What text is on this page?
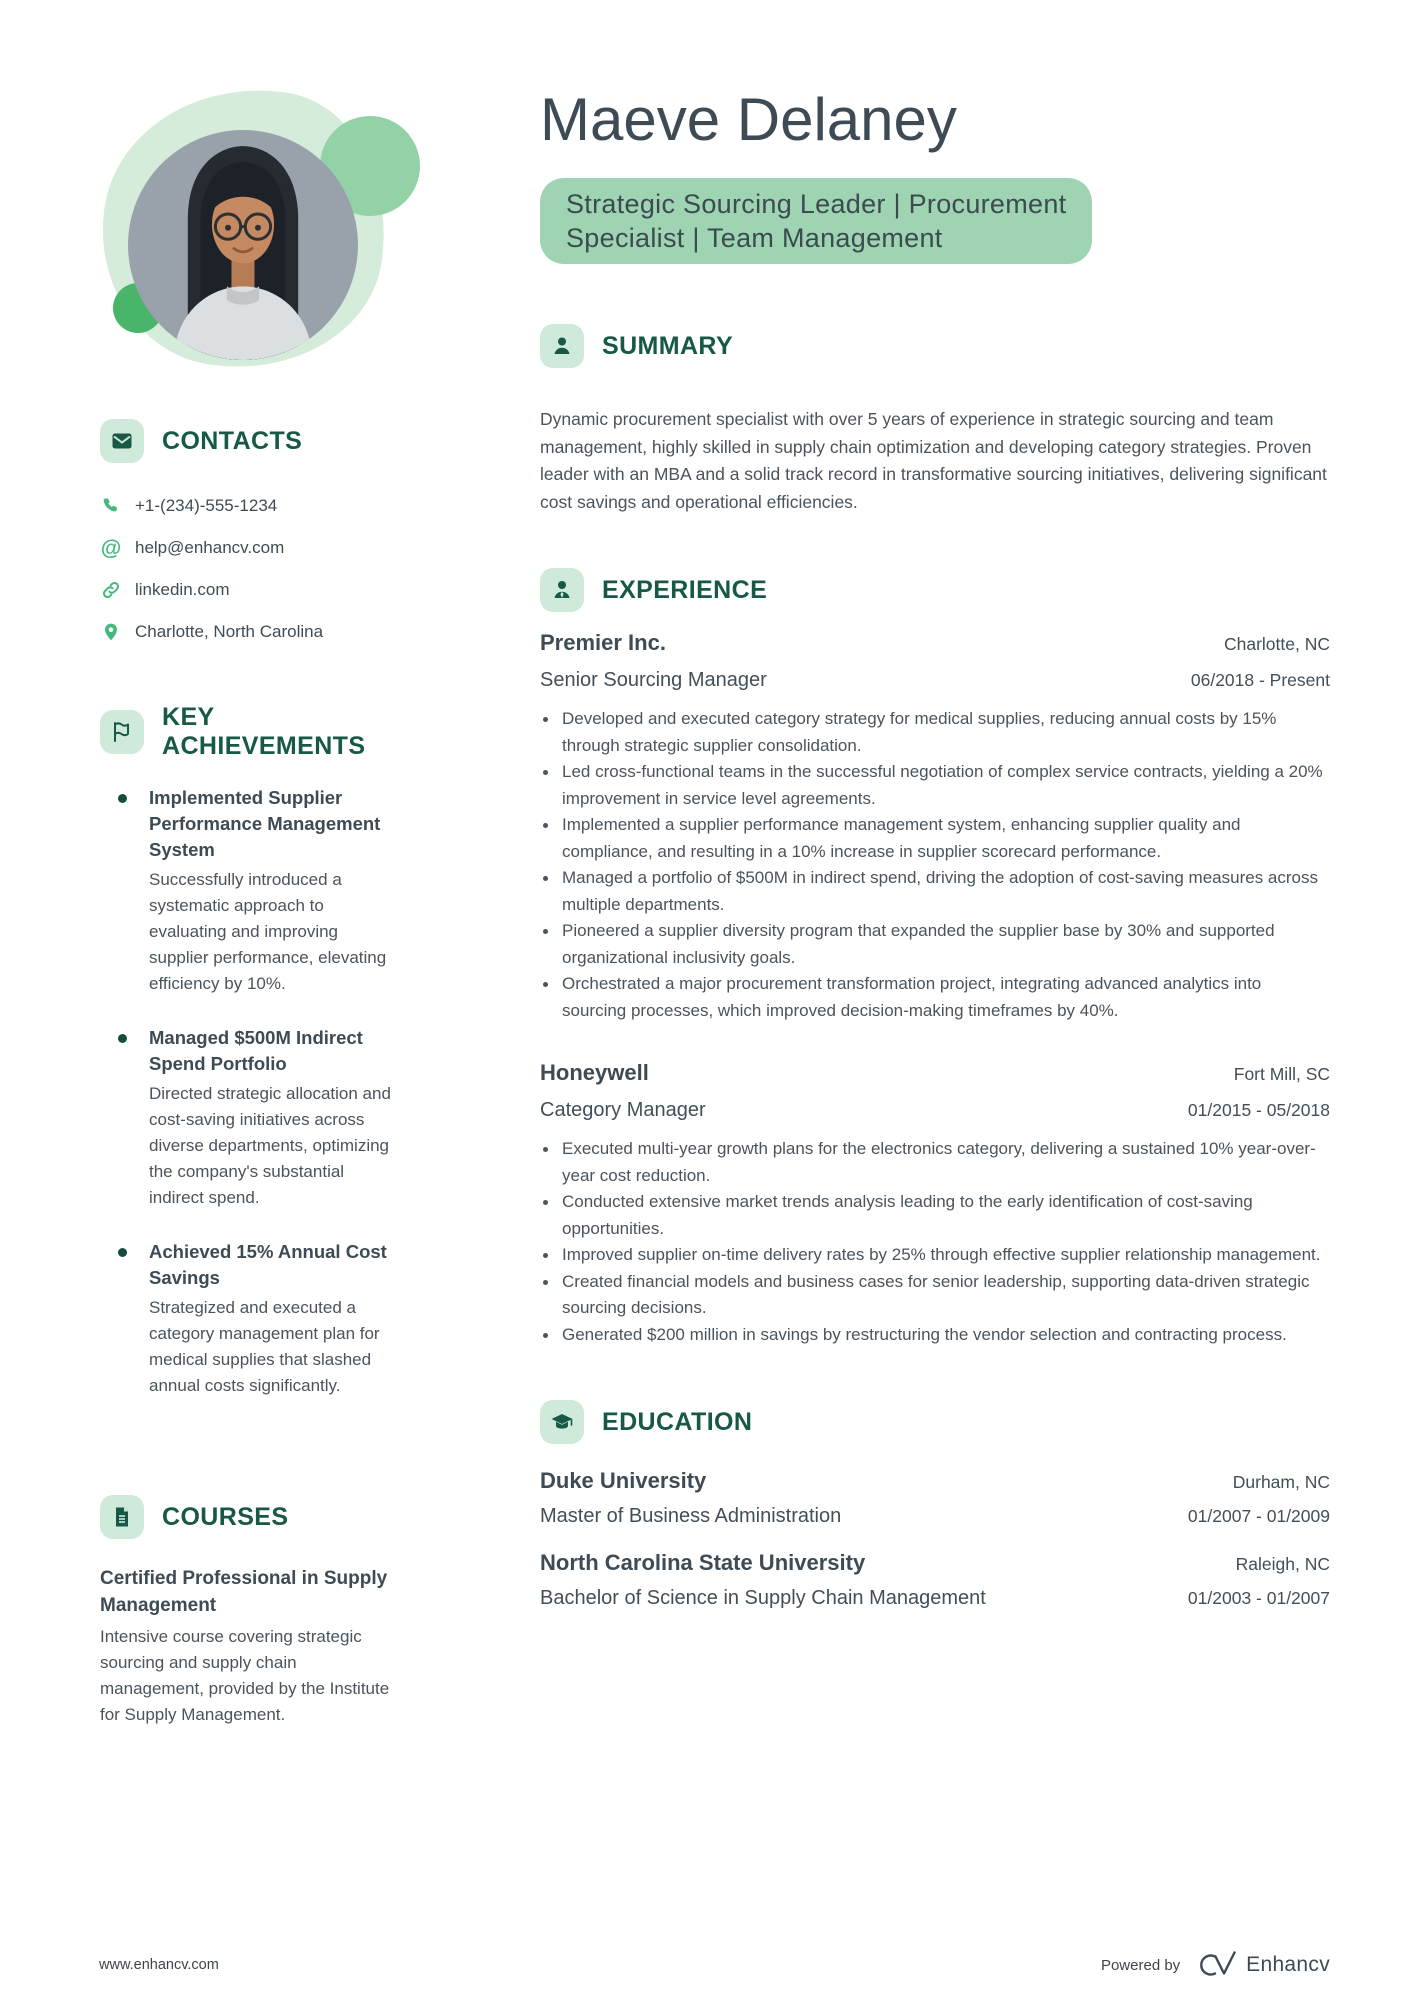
CONTACTS
+1-(234)-555-1234
@ help@enhancv.com
linkedin.com
Charlotte, North Carolina
KEY ACHIEVEMENTS
Implemented Supplier Performance Management System
Successfully introduced a systematic approach to evaluating and improving supplier performance, elevating efficiency by 10%.
Managed $500M Indirect Spend Portfolio
Directed strategic allocation and cost-saving initiatives across diverse departments, optimizing the company's substantial indirect spend.
Achieved 15% Annual Cost Savings
Strategized and executed a category management plan for medical supplies that slashed annual costs significantly.
COURSES
Certified Professional in Supply Management
Intensive course covering strategic sourcing and supply chain management, provided by the Institute for Supply Management.
Maeve Delaney
Strategic Sourcing Leader | Procurement
Specialist | Team Management
SUMMARY
Dynamic procurement specialist with over 5 years of experience in strategic sourcing and team management, highly skilled in supply chain optimization and developing category strategies. Proven leader with an MBA and a solid track record in transformative sourcing initiatives, delivering significant cost savings and operational efficiencies.
EXPERIENCE
Premier Inc.	Charlotte, NC
Senior Sourcing Manager	06/2018 - Present
Developed and executed category strategy for medical supplies, reducing annual costs by 15% through strategic supplier consolidation.
Led cross-functional teams in the successful negotiation of complex service contracts, yielding a 20% improvement in service level agreements.
Implemented a supplier performance management system, enhancing supplier quality and compliance, and resulting in a 10% increase in supplier scorecard performance.
Managed a portfolio of $500M in indirect spend, driving the adoption of cost-saving measures across multiple departments.
Pioneered a supplier diversity program that expanded the supplier base by 30% and supported organizational inclusivity goals.
Orchestrated a major procurement transformation project, integrating advanced analytics into sourcing processes, which improved decision-making timeframes by 40%.
Honeywell	Fort Mill, SC
Category Manager	01/2015 - 05/2018
Executed multi-year growth plans for the electronics category, delivering a sustained 10% year-over-year cost reduction.
Conducted extensive market trends analysis leading to the early identification of cost-saving opportunities.
Improved supplier on-time delivery rates by 25% through effective supplier relationship management.
Created financial models and business cases for senior leadership, supporting data-driven strategic sourcing decisions.
Generated $200 million in savings by restructuring the vendor selection and contracting process.
EDUCATION
Duke University	Durham, NC
Master of Business Administration	01/2007 - 01/2009
North Carolina State University	Raleigh, NC
Bachelor of Science in Supply Chain Management	01/2003 - 01/2007
www.enhancv.com	Powered by	Enhancv
